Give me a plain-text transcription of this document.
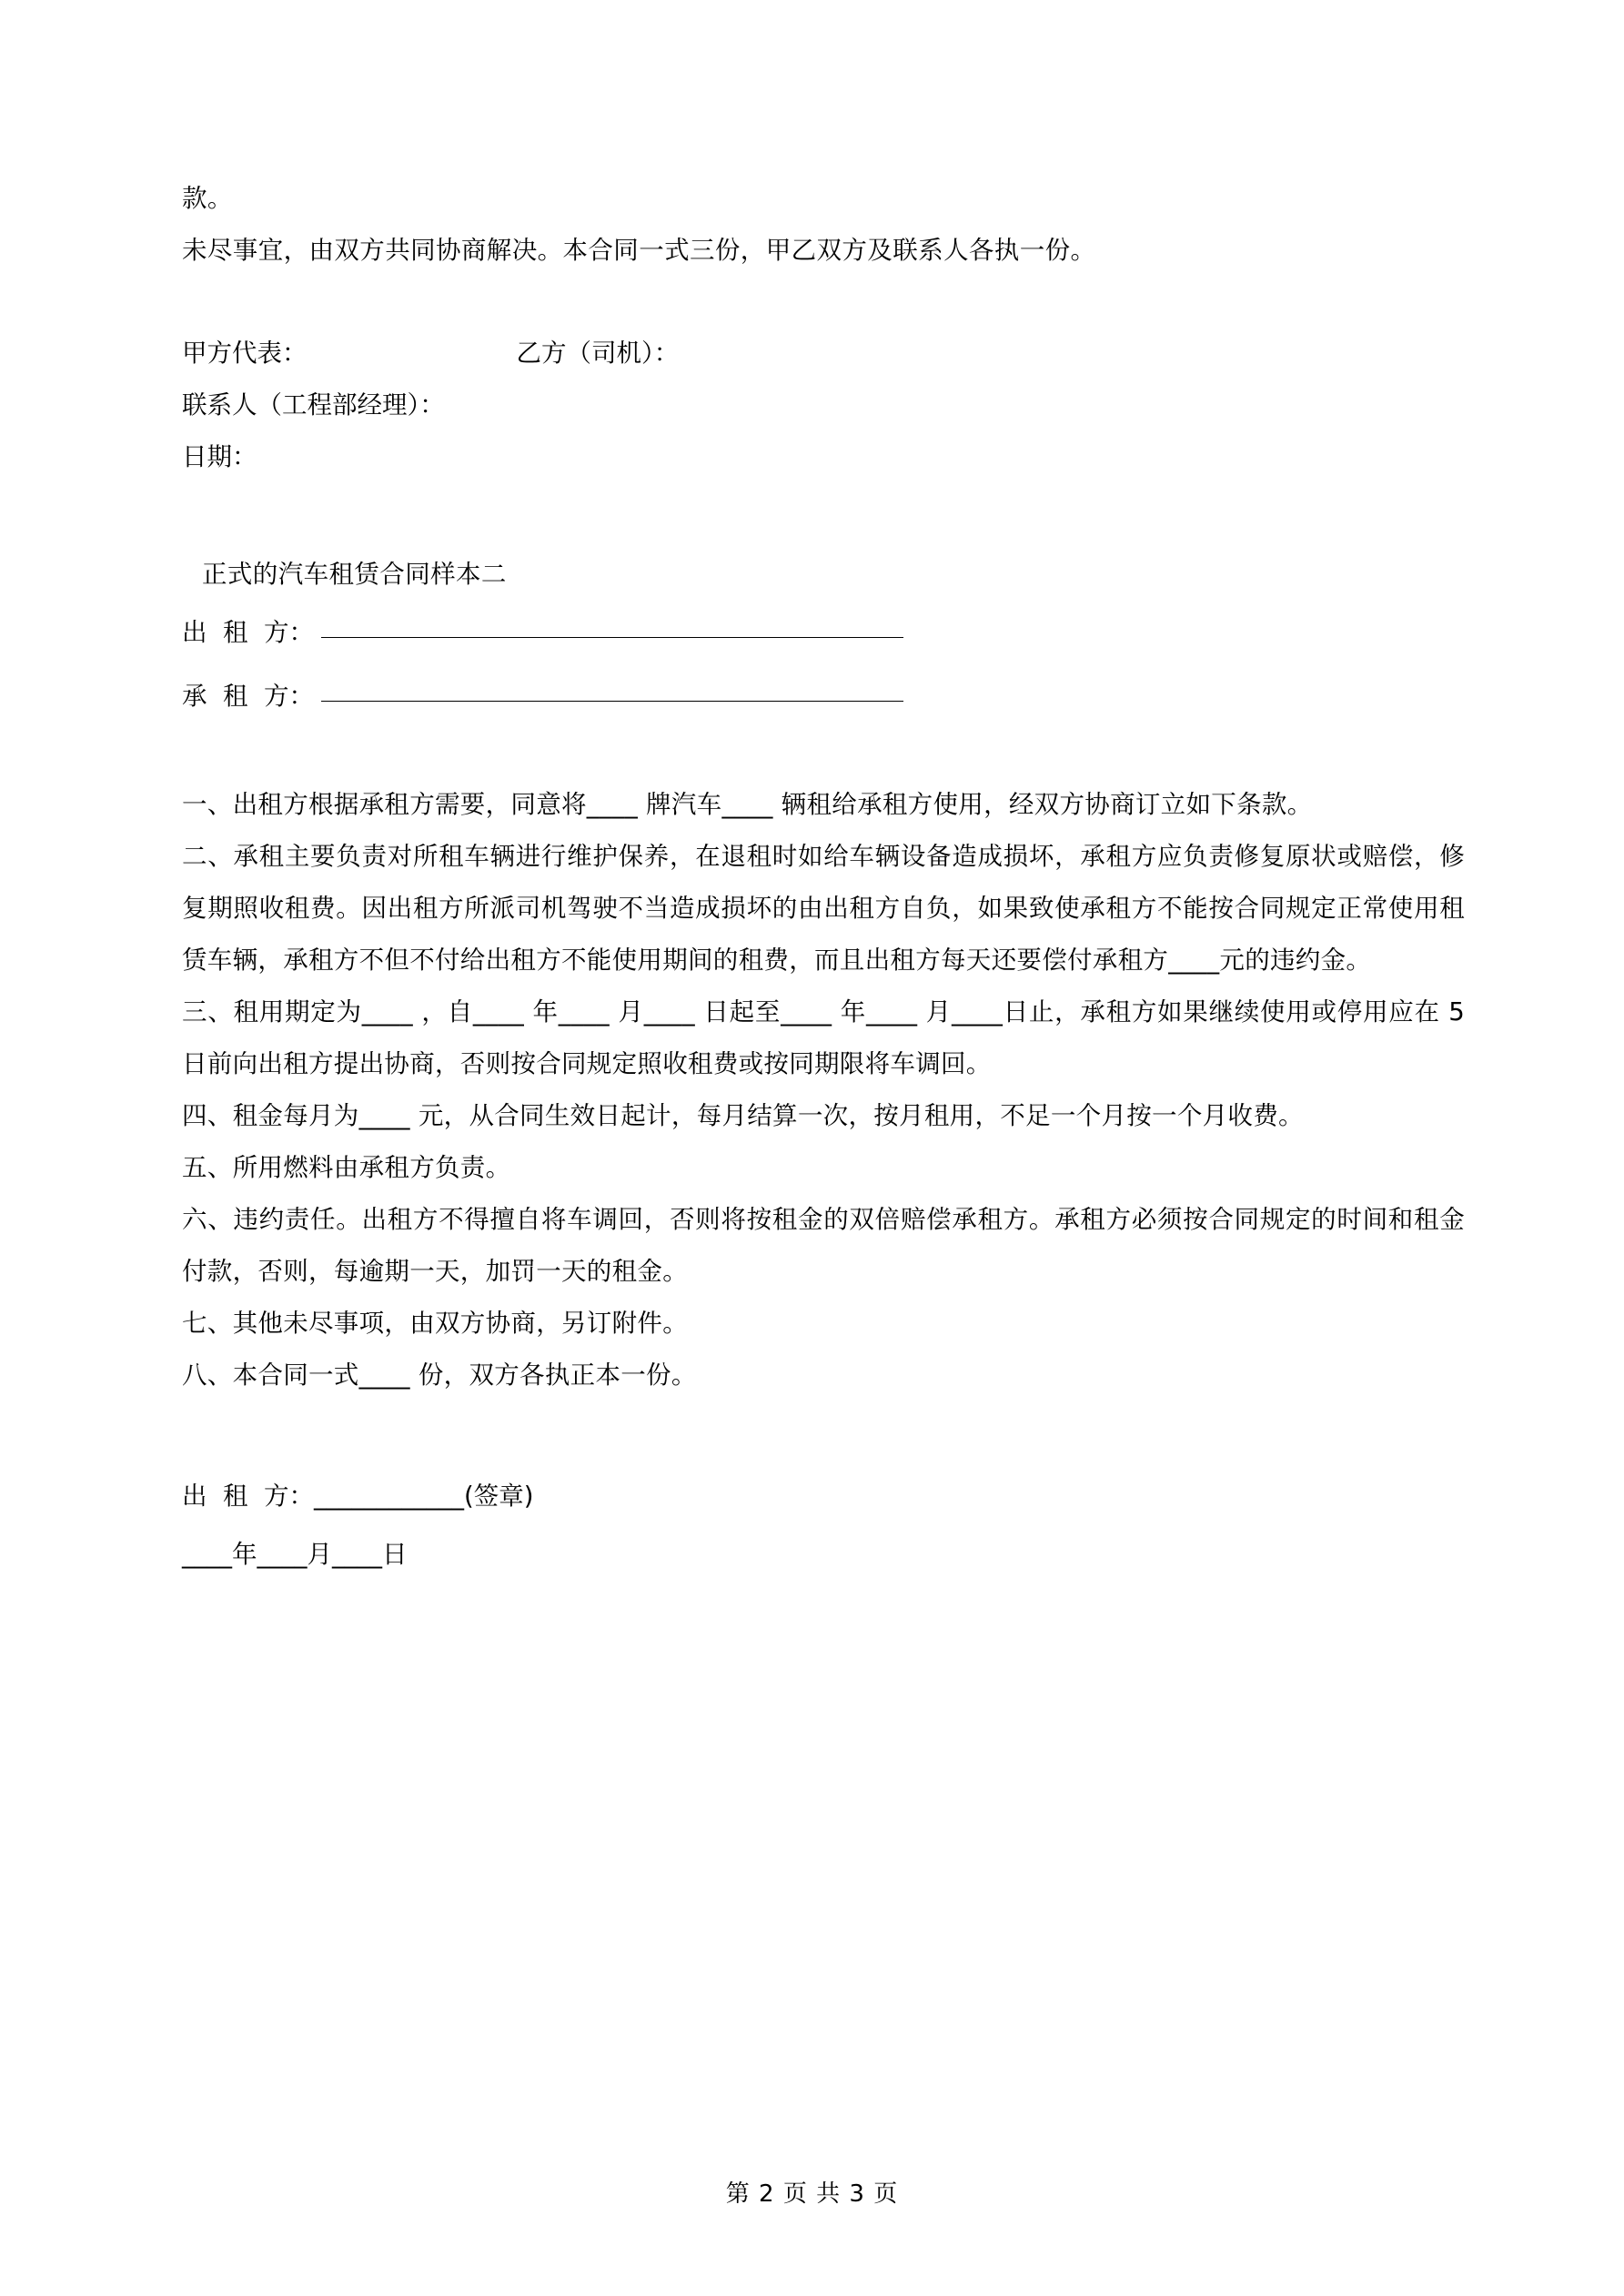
款。

未尽事宜，由双方共同协商解决。本合同一式三份，甲乙双方及联系人各执一份。

甲方代表：	乙方（司机）：
联系人（工程部经理）：
日期：
正式的汽车租赁合同样本二
出  租  方：
承  租  方：

一、出租方根据承租方需要，同意将____ 牌汽车____ 辆租给承租方使用，经双方协商订立如下条款。

二、承租主要负责对所租车辆进行维护保养，在退租时如给车辆设备造成损坏，承租方应负责修复原状或赔偿，修复期照收租费。因出租方所派司机驾驶不当造成损坏的由出租方自负，如果致使承租方不能按合同规定正常使用租赁车辆，承租方不但不付给出租方不能使用期间的租费，而且出租方每天还要偿付承租方____元的违约金。

三、租用期定为____ ，自____ 年____ 月____ 日起至____ 年____ 月____日止，承租方如果继续使用或停用应在 5 日前向出租方提出协商，否则按合同规定照收租费或按同期限将车调回。

四、租金每月为____ 元，从合同生效日起计，每月结算一次，按月租用，不足一个月按一个月收费。

五、所用燃料由承租方负责。

六、违约责任。出租方不得擅自将车调回，否则将按租金的双倍赔偿承租方。承租方必须按合同规定的时间和租金付款，否则，每逾期一天，加罚一天的租金。

七、其他未尽事项，由双方协商，另订附件。

八、本合同一式____ 份，双方各执正本一份。

出  租  方：____________(签章)
____年____月____日
第 2 页 共 3 页
